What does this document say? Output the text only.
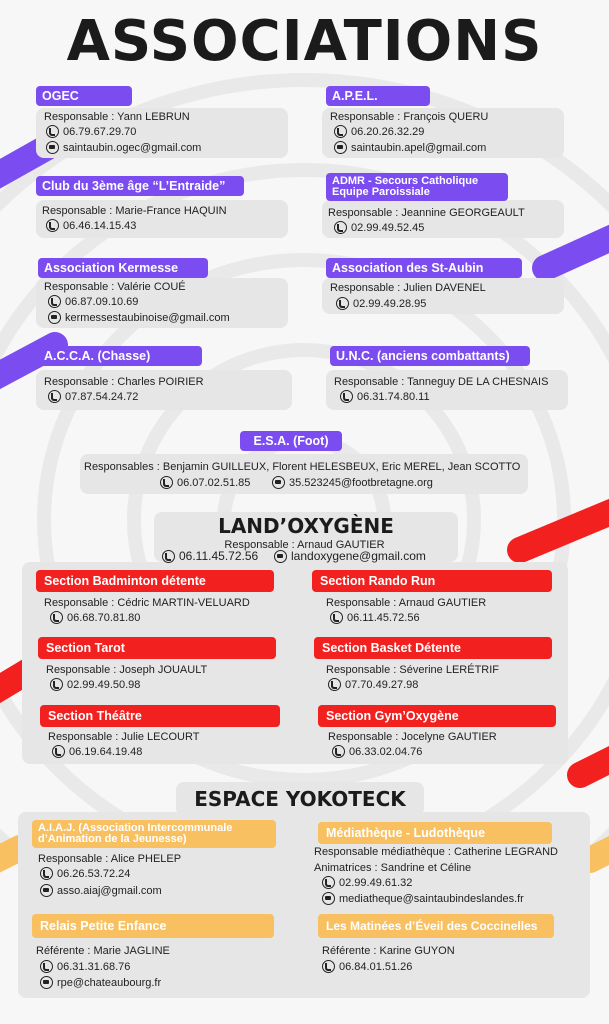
ASSOCIATIONS
OGEC
Responsable : Yann LEBRUN
06.79.67.29.70
saintaubin.ogec@gmail.com
A.P.E.L.
Responsable : François QUERU
06.20.26.32.29
saintaubin.apel@gmail.com
Club du 3ème âge “L’Entraide”
Responsable : Marie-France HAQUIN
06.46.14.15.43
ADMR - Secours Catholique Equipe Paroissiale
Responsable : Jeannine GEORGEAULT
02.99.49.52.45
Association Kermesse
Responsable : Valérie COUÉ
06.87.09.10.69
kermessestaubinoise@gmail.com
Association des St-Aubin
Responsable : Julien DAVENEL
02.99.49.28.95
A.C.C.A. (Chasse)
Responsable : Charles POIRIER
07.87.54.24.72
U.N.C. (anciens combattants)
Responsable : Tanneguy DE LA CHESNAIS
06.31.74.80.11
E.S.A. (Foot)
Responsables : Benjamin GUILLEUX, Florent HELESBEUX, Eric MEREL, Jean SCOTTO
06.07.02.51.85	35.523245@footbretagne.org
LAND’OXYGÈNE
Responsable : Arnaud GAUTIER
06.11.45.72.56	landoxygene@gmail.com
Section Badminton détente
Responsable : Cédric MARTIN-VELUARD
06.68.70.81.80
Section Rando Run
Responsable : Arnaud GAUTIER
06.11.45.72.56
Section Tarot
Responsable : Joseph JOUAULT
02.99.49.50.98
Section Basket Détente
Responsable : Séverine LERÉTRIF
07.70.49.27.98
Section Théâtre
Responsable : Julie LECOURT
06.19.64.19.48
Section Gym’Oxygène
Responsable : Jocelyne GAUTIER
06.33.02.04.76
ESPACE YOKOTECK
A.I.A.J. (Association Intercommunale d’Animation de la Jeunesse)
Responsable : Alice PHELEP
06.26.53.72.24
asso.aiaj@gmail.com
Médiathèque - Ludothèque
Responsable médiathèque : Catherine LEGRAND
Animatrices : Sandrine et Céline
02.99.49.61.32
mediatheque@saintaubindeslandes.fr
Relais Petite Enfance
Référente : Marie JAGLINE
06.31.31.68.76
rpe@chateaubourg.fr
Les Matinées d’Éveil des Coccinelles
Référente : Karine GUYON
06.84.01.51.26
